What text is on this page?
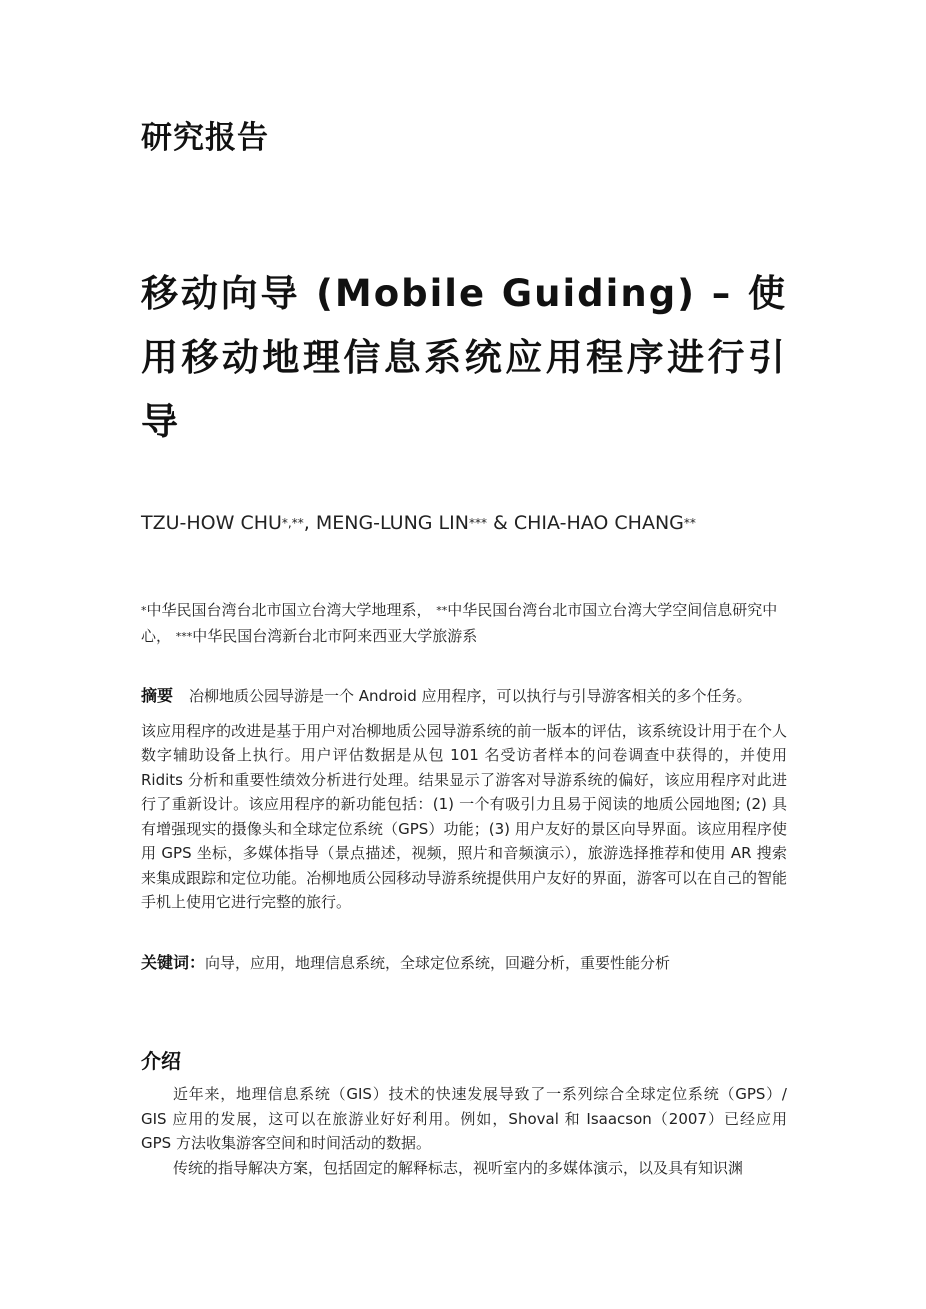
研究报告
移动向导 (Mobile Guiding) – 使用移动地理信息系统应用程序进行引导
TZU-HOW CHU*,**, MENG-LUNG LIN*** & CHIA-HAO CHANG**
*中华民国台湾台北市国立台湾大学地理系， **中华民国台湾台北市国立台湾大学空间信息研究中心， ***中华民国台湾新台北市阿来西亚大学旅游系
摘要 冶柳地质公园导游是一个 Android 应用程序，可以执行与引导游客相关的多个任务。
该应用程序的改进是基于用户对冶柳地质公园导游系统的前一版本的评估，该系统设计用于在个人数字辅助设备上执行。用户评估数据是从包 101 名受访者样本的问卷调查中获得的，并使用 Ridits 分析和重要性绩效分析进行处理。结果显示了游客对导游系统的偏好，该应用程序对此进行了重新设计。该应用程序的新功能包括：(1) 一个有吸引力且易于阅读的地质公园地图; (2) 具有增强现实的摄像头和全球定位系统（GPS）功能；(3) 用户友好的景区向导界面。该应用程序使用 GPS 坐标，多媒体指导（景点描述，视频，照片和音频演示），旅游选择推荐和使用 AR 搜索来集成跟踪和定位功能。冶柳地质公园移动导游系统提供用户友好的界面，游客可以在自己的智能手机上使用它进行完整的旅行。
关键词：向导，应用，地理信息系统，全球定位系统，回避分析，重要性能分析
介绍

近年来，地理信息系统（GIS）技术的快速发展导致了一系列综合全球定位系统（GPS）/ GIS 应用的发展，这可以在旅游业好好利用。例如，Shoval 和 Isaacson（2007）已经应用 GPS 方法收集游客空间和时间活动的数据。

传统的指导解决方案，包括固定的解释标志，视听室内的多媒体演示，以及具有知识渊
